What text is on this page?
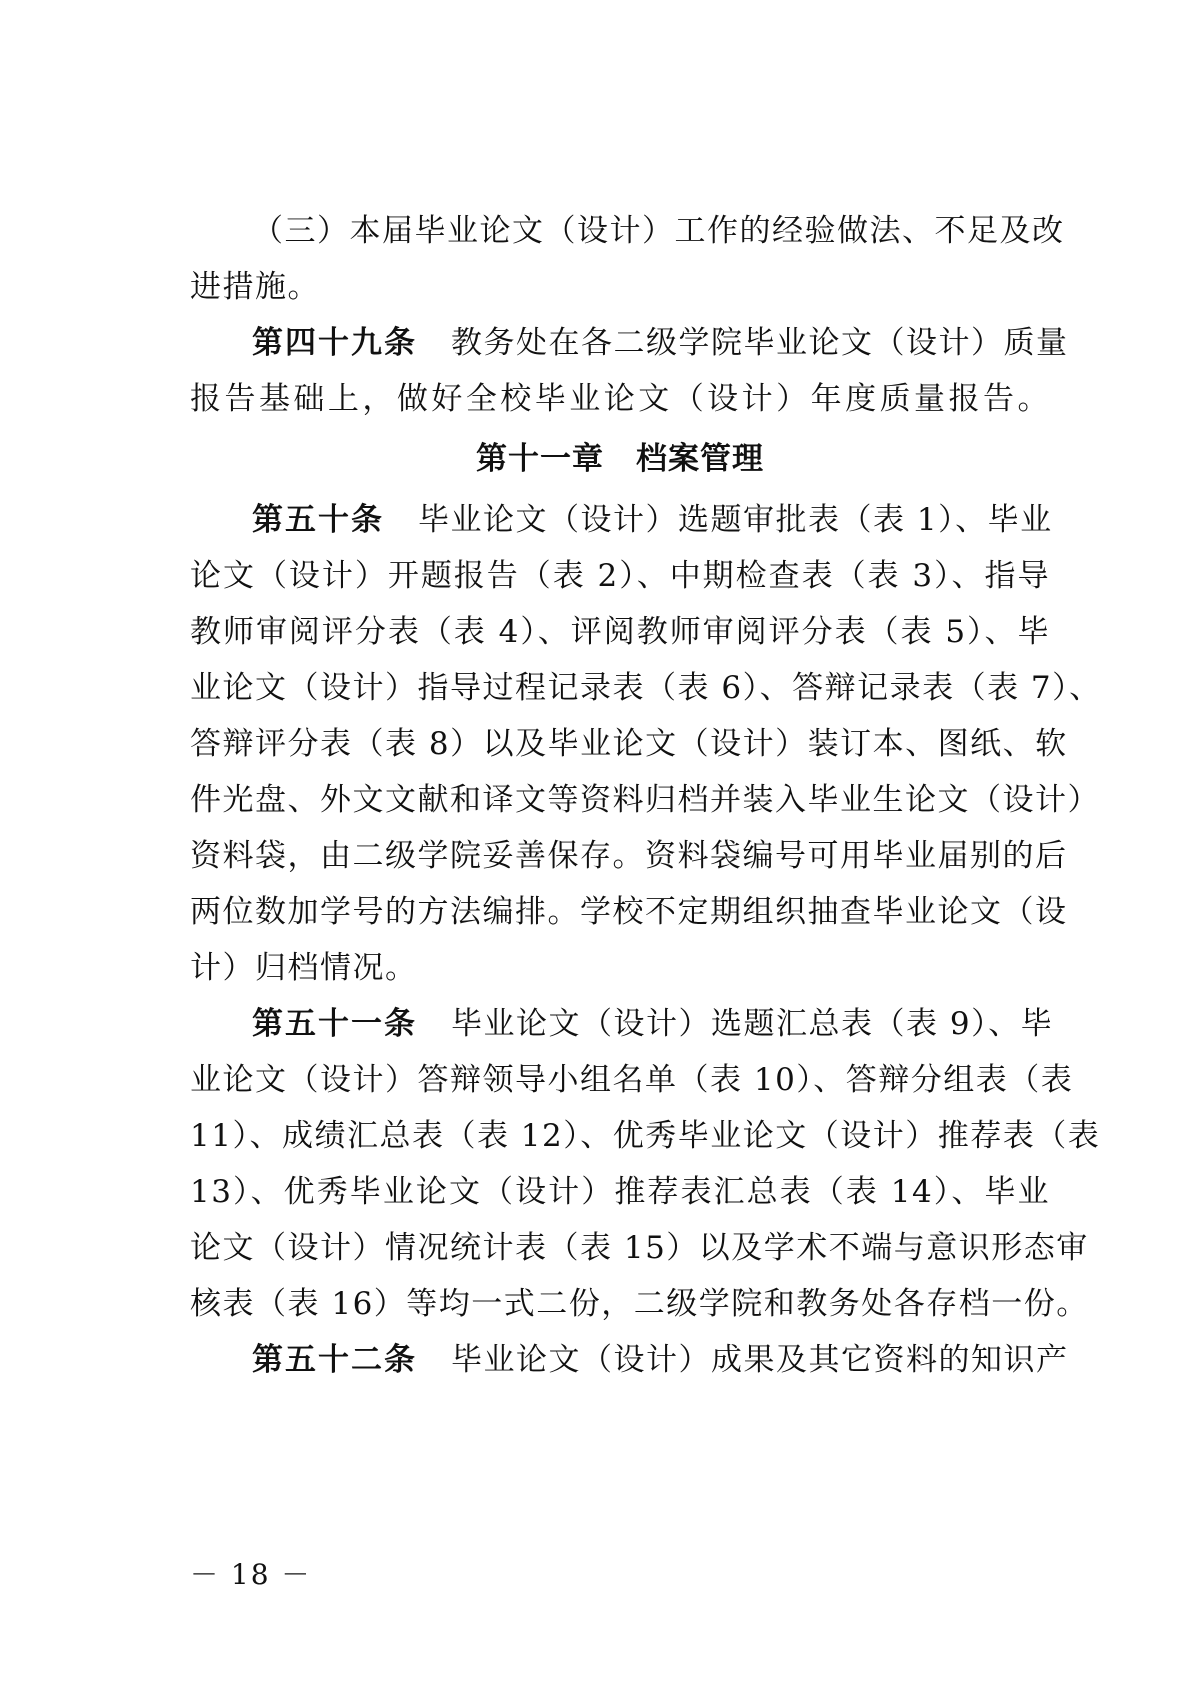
（三）本届毕业论文（设计）工作的经验做法、不足及改
进措施。
第四十九条 教务处在各二级学院毕业论文（设计）质量
报告基础上，做好全校毕业论文（设计）年度质量报告。
第十一章　档案管理
第五十条 毕业论文（设计）选题审批表（表 1）、毕业
论文（设计）开题报告（表 2）、中期检查表（表 3）、指导
教师审阅评分表（表 4）、评阅教师审阅评分表（表 5）、毕
业论文（设计）指导过程记录表（表 6）、答辩记录表（表 7）、
答辩评分表（表 8）以及毕业论文（设计）装订本、图纸、软
件光盘、外文文献和译文等资料归档并装入毕业生论文（设计）
资料袋，由二级学院妥善保存。资料袋编号可用毕业届别的后
两位数加学号的方法编排。学校不定期组织抽查毕业论文（设
计）归档情况。
第五十一条 毕业论文（设计）选题汇总表（表 9）、毕
业论文（设计）答辩领导小组名单（表 10）、答辩分组表（表
11）、成绩汇总表（表 12）、优秀毕业论文（设计）推荐表（表
13）、优秀毕业论文（设计）推荐表汇总表（表 14）、毕业
论文（设计）情况统计表（表 15）以及学术不端与意识形态审
核表（表 16）等均一式二份，二级学院和教务处各存档一份。
第五十二条 毕业论文（设计）成果及其它资料的知识产
－ 18 －
